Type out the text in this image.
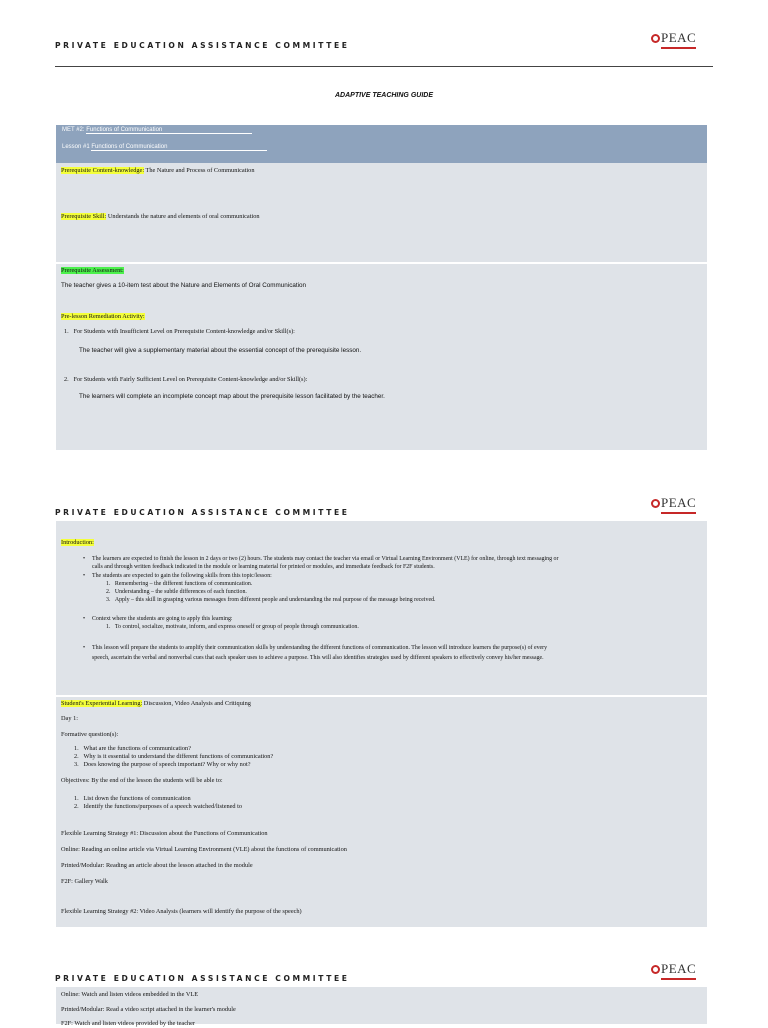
PRIVATE EDUCATION ASSISTANCE COMMITTEE
PEAC
ADAPTIVE TEACHING GUIDE
MET #2: Functions of Communication
Lesson #1 Functions of Communication
Prerequisite Content-knowledge: The Nature and Process of Communication
Prerequisite Skill: Understands the nature and elements of oral communication
Prerequisite Assessment:
The teacher gives a 10-item test about the Nature and Elements of Oral Communication
Pre-lesson Remediation Activity:
1. For Students with Insufficient Level on Prerequisite Content-knowledge and/or Skill(s):
The teacher will give a supplementary material about the essential concept of the prerequisite lesson.
2. For Students with Fairly Sufficient Level on Prerequisite Content-knowledge and/or Skill(s):
The learners will complete an incomplete concept map about the prerequisite lesson facilitated by the teacher.
PRIVATE EDUCATION ASSISTANCE COMMITTEE
PEAC
Introduction:
• The learners are expected to finish the lesson in 2 days or two (2) hours. The students may contact the teacher via email or Virtual Learning Environment (VLE) for online, through text messaging or
calls and through written feedback indicated in the module or learning material for printed or modules, and immediate feedback for F2F students.
• The students are expected to gain the following skills from this topic/lesson:
1.   Remembering – the different functions of communication.
2.   Understanding – the subtle differences of each function.
3.   Apply – this skill in grasping various messages from different people and understanding the real purpose of the message being received.
• Context where the students are going to apply this learning:
1.   To control, socialize, motivate, inform, and express oneself or group of people through communication.
• This lesson will prepare the students to amplify their communication skills by understanding the different functions of communication. The lesson will introduce learners the purpose(s) of every
speech, ascertain the verbal and nonverbal cues that each speaker uses to achieve a purpose. This will also identifies strategies used by different speakers to effectively convey his/her message.
Student's Experiential Learning: Discussion, Video Analysis and Critiquing
Day 1:
Formative question(s):
1.   What are the functions of communication?
2.   Why is it essential to understand the different functions of communication?
3.   Does knowing the purpose of speech important? Why or why not?
Objectives: By the end of the lesson the students will be able to:
1.   List down the functions of communication
2.   Identify the functions/purposes of a speech watched/listened to
Flexible Learning Strategy #1: Discussion about the Functions of Communication
Online: Reading an online article via Virtual Learning Environment (VLE) about the functions of communication
Printed/Modular: Reading an article about the lesson attached in the module
F2F: Gallery Walk
Flexible Learning Strategy #2: Video Analysis (learners will identify the purpose of the speech)
PRIVATE EDUCATION ASSISTANCE COMMITTEE
PEAC
Online: Watch and listen videos embedded in the VLE
Printed/Modular: Read a video script attached in the learner's module
F2F: Watch and listen videos provided by the teacher
